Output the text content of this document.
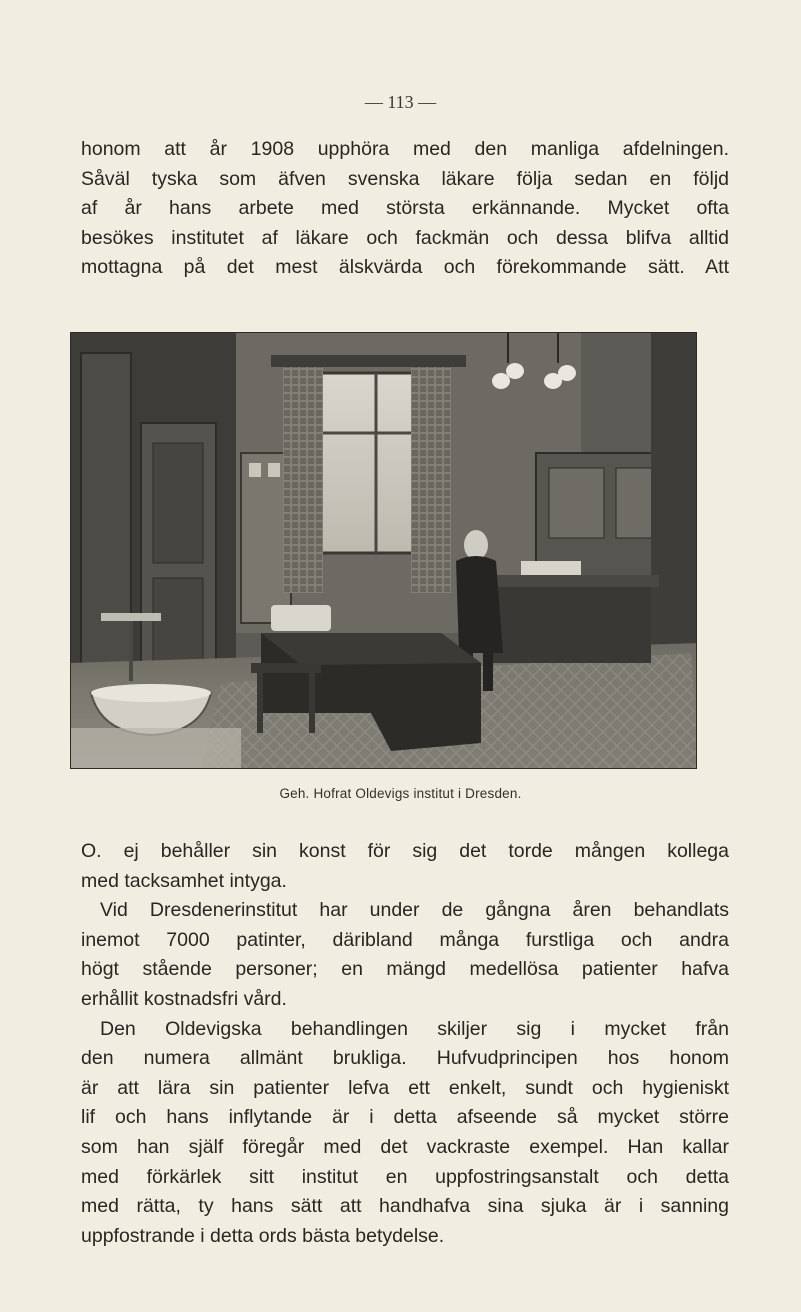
— 113 —

honom att år 1908 upphöra med den manliga afdelningen.
Såväl tyska som äfven svenska läkare följa sedan en följd
af år hans arbete med största erkännande. Mycket ofta
besökes institutet af läkare och fackmän och dessa blifva alltid
mottagna på det mest älskvärda och förekommande sätt. Att

Geh. Hofrat Oldevigs institut i Dresden.
O. ej behåller sin konst för sig det torde mången kollega
med tacksamhet intyga.
Vid Dresdenerinstitut har under de gångna åren behandlats
inemot 7000 patinter, däribland många furstliga och andra
högt stående personer; en mängd medellösa patienter hafva
erhållit kostnadsfri vård.
Den Oldevigska behandlingen skiljer sig i mycket från
den numera allmänt brukliga. Hufvudprincipen hos honom
är att lära sin patienter lefva ett enkelt, sundt och hygieniskt
lif och hans inflytande är i detta afseende så mycket större
som han själf föregår med det vackraste exempel. Han kallar
med förkärlek sitt institut en uppfostringsanstalt och detta
med rätta, ty hans sätt att handhafva sina sjuka är i sanning
uppfostrande i detta ords bästa betydelse.
